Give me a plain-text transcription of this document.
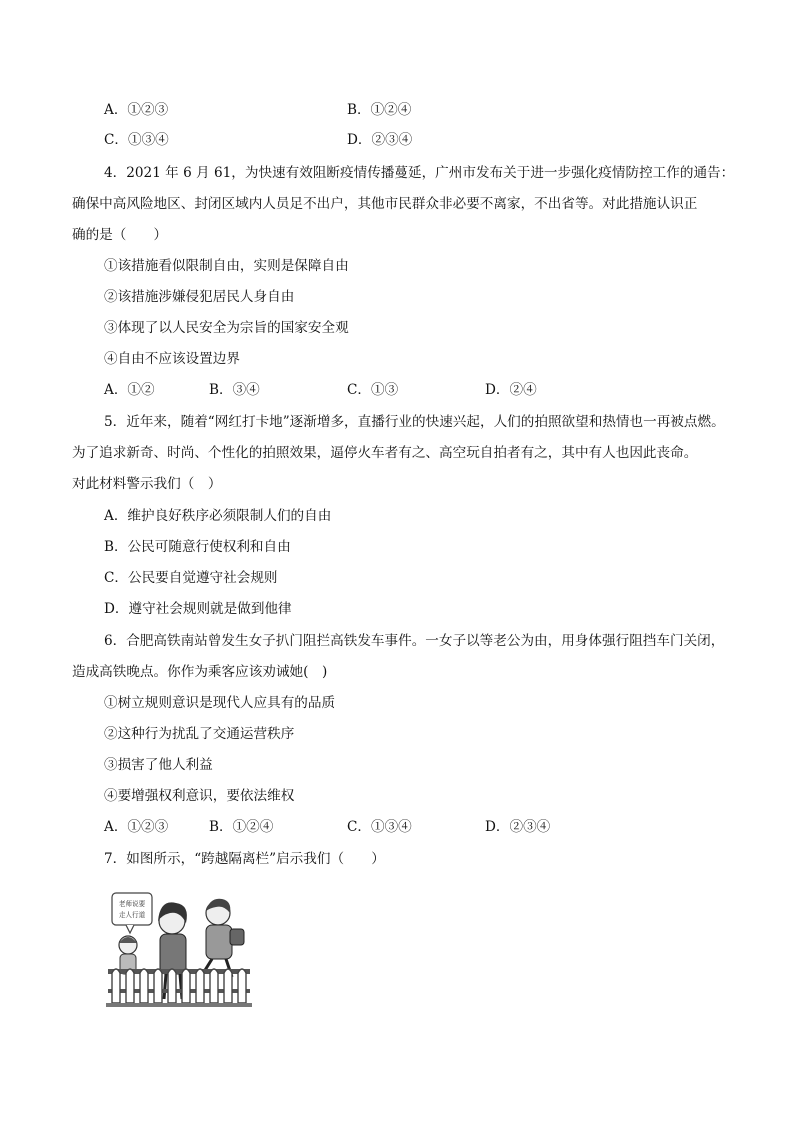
A．①②③	B．①②④
C．①③④	D．②③④
4．2021 年 6 月 61，为快速有效阻断疫情传播蔓延，广州市发布关于进一步强化疫情防控工作的通告：
确保中高风险地区、封闭区域内人员足不出户，其他市民群众非必要不离家，不出省等。对此措施认识正
确的是（　　）
①该措施看似限制自由，实则是保障自由
②该措施涉嫌侵犯居民人身自由
③体现了以人民安全为宗旨的国家安全观
④自由不应该设置边界
A．①②	B．③④	C．①③	D．②④
5．近年来，随着“网红打卡地”逐渐增多，直播行业的快速兴起，人们的拍照欲望和热情也一再被点燃。
为了追求新奇、时尚、个性化的拍照效果，逼停火车者有之、高空玩自拍者有之，其中有人也因此丧命。
对此材料警示我们（　）
A．维护良好秩序必须限制人们的自由
B．公民可随意行使权利和自由
C．公民要自觉遵守社会规则
D．遵守社会规则就是做到他律
6．合肥高铁南站曾发生女子扒门阻拦高铁发车事件。一女子以等老公为由，用身体强行阻挡车门关闭，
造成高铁晚点。你作为乘客应该劝诫她(　)
①树立规则意识是现代人应具有的品质
②这种行为扰乱了交通运营秩序
③损害了他人利益
④要增强权利意识，要依法维权
A．①②③	B．①②④	C．①③④	D．②③④
7．如图所示，“跨越隔离栏”启示我们（　　）
老师说要
走人行道
